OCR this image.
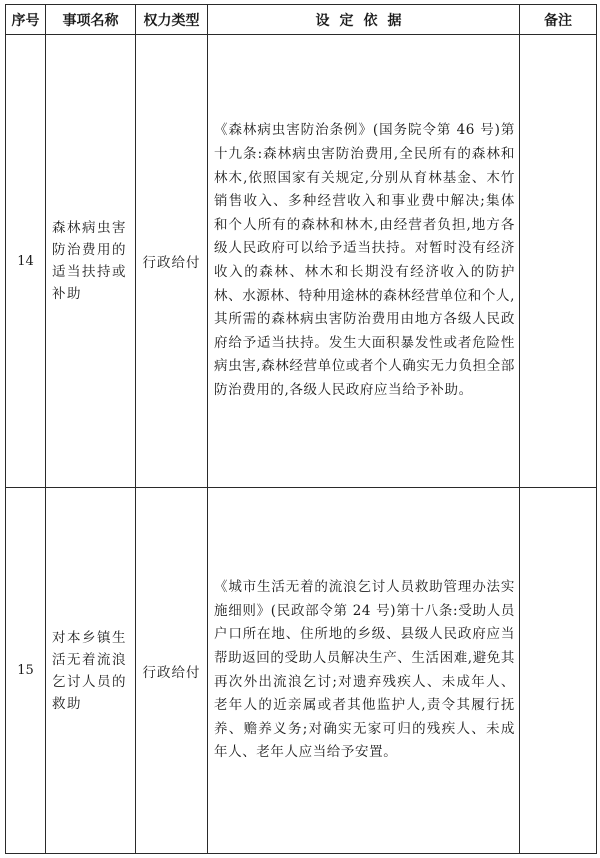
序号	事项名称	权力类型	设定依据	备注
14	森林病虫害防治费用的适当扶持或补助	行政给付	《森林病虫害防治条例》(国务院令第 46 号)第十九条:森林病虫害防治费用,全民所有的森林和林木,依照国家有关规定,分别从育林基金、木竹销售收入、多种经营收入和事业费中解决;集体和个人所有的森林和林木,由经营者负担,地方各级人民政府可以给予适当扶持。对暂时没有经济收入的森林、林木和长期没有经济收入的防护林、水源林、特种用途林的森林经营单位和个人,其所需的森林病虫害防治费用由地方各级人民政府给予适当扶持。发生大面积暴发性或者危险性病虫害,森林经营单位或者个人确实无力负担全部防治费用的,各级人民政府应当给予补助。	
15	对本乡镇生活无着流浪乞讨人员的救助	行政给付	《城市生活无着的流浪乞讨人员救助管理办法实施细则》(民政部令第 24 号)第十八条:受助人员户口所在地、住所地的乡级、县级人民政府应当帮助返回的受助人员解决生产、生活困难,避免其再次外出流浪乞讨;对遗弃残疾人、未成年人、老年人的近亲属或者其他监护人,责令其履行抚养、赡养义务;对确实无家可归的残疾人、未成年人、老年人应当给予安置。	
